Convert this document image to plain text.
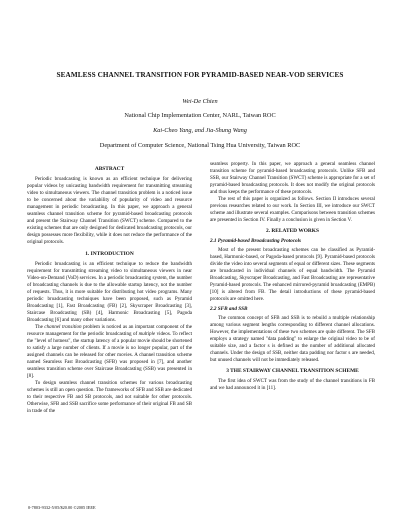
SEAMLESS CHANNEL TRANSITION FOR PYRAMID-BASED NEAR-VOD SERVICES
Wei-De Chien
National Chip Implementation Center, NARL, Taiwan ROC
Kai-Cheo Yang, and Jia-Shung Wang
Department of Computer Science, National Tsing Hua University, Taiwan ROC
ABSTRACT

Periodic broadcasting is known as an efficient technique for delivering popular videos by unicasting bandwidth requirement for transmitting streaming video to simultaneous viewers. The channel transition problem is a noticed issue to be concerned about the variability of popularity of video and resource management in periodic broadcasting. In this paper, we approach a general seamless channel transition scheme for pyramid-based broadcasting protocols and present the Stairway Channel Transition (SWCT) scheme. Compared to the existing schemes that are only designed for dedicated broadcasting protocols, our design possesses more flexibility, while it does not reduce the performance of the original protocols.

1. INTRODUCTION

Periodic broadcasting is an efficient technique to reduce the bandwidth requirement for transmitting streaming video to simultaneous viewers in near Video-on-Demand (VoD) services. In a periodic broadcasting system, the number of broadcasting channels is due to the allowable startup latency, not the number of requests. Thus, it is more suitable for distributing hot video programs. Many periodic broadcasting techniques have been proposed, such as Pyramid Broadcasting [1], Fast Broadcasting (FB) [2], Skyscraper Broadcasting [3], Staircase Broadcasting (SB) [4], Harmonic Broadcasting [5], Pagoda Broadcasting [6] and many other variations.

The channel transition problem is noticed as an important component of the resource management for the periodic broadcasting of multiple videos. To reflect the "level of hotness", the startup latency of a popular movie should be shortened to satisfy a large number of clients. If a movie is no longer popular, part of the assigned channels can be released for other movies. A channel transition scheme named Seamless Fast Broadcasting (SFB) was proposed in [7], and another seamless transition scheme over Staircase Broadcasting (SSB) was presented in [8].

To design seamless channel transition schemes for various broadcasting schemes is still an open question. The frameworks of SFB and SSB are dedicated to their respective FB and SB protocols, and not suitable for other protocols. Otherwise, SFB and SSB sacrifice some performance of their original FB and SB in trade of the

seamless property. In this paper, we approach a general seamless channel transition scheme for pyramid-based broadcasting protocols. Unlike SFB and SSB, our Stairway Channel Transition (SWCT) scheme is appropriate for a set of pyramid-based broadcasting protocols. It does not modify the original protocols and thus keeps the performance of these protocols.

The rest of this paper is organized as follows. Section II introduces several previous researches related to our work. In Section III, we introduce our SWCT scheme and illustrate several examples. Comparisons between transition schemes are presented in Section IV. Finally a conclusion is given in Section V.

2. RELATED WORKS
2.1 Pyramid-based Broadcasting Protocols

Most of the present broadcasting schemes can be classified as Pyramid-based, Harmonic-based, or Pagoda-based protocols [9]. Pyramid-based protocols divide the video into several segments of equal or different sizes. These segments are broadcasted in individual channels of equal bandwidth. The Pyramid Broadcasting, Skyscraper Broadcasting, and Fast Broadcasting are representative Pyramid-based protocols. The enhanced mirrored-pyramid broadcasting (EMPB) [10] is altered from FB. The detail introductions of these pyramid-based protocols are omitted here.

2.2 SFB and SSB

The common concept of SFB and SSB is to rebuild a multiple relationship among various segment lengths corresponding to different channel allocations. However, the implementations of these two schemes are quite different. The SFB employs a strategy named "data padding" to enlarge the original video to be of suitable size, and a factor s is defined as the number of additional allocated channels. Under the design of SSB, neither data padding nor factor s are needed, but unused channels will not be immediately released.

3 THE STAIRWAY CHANNEL TRANSITION SCHEME

The first idea of SWCT was from the study of the channel transitions in FB and we had announced it in [11].

0-7803-9332-5/05/$20.00 ©2005 IEEE
